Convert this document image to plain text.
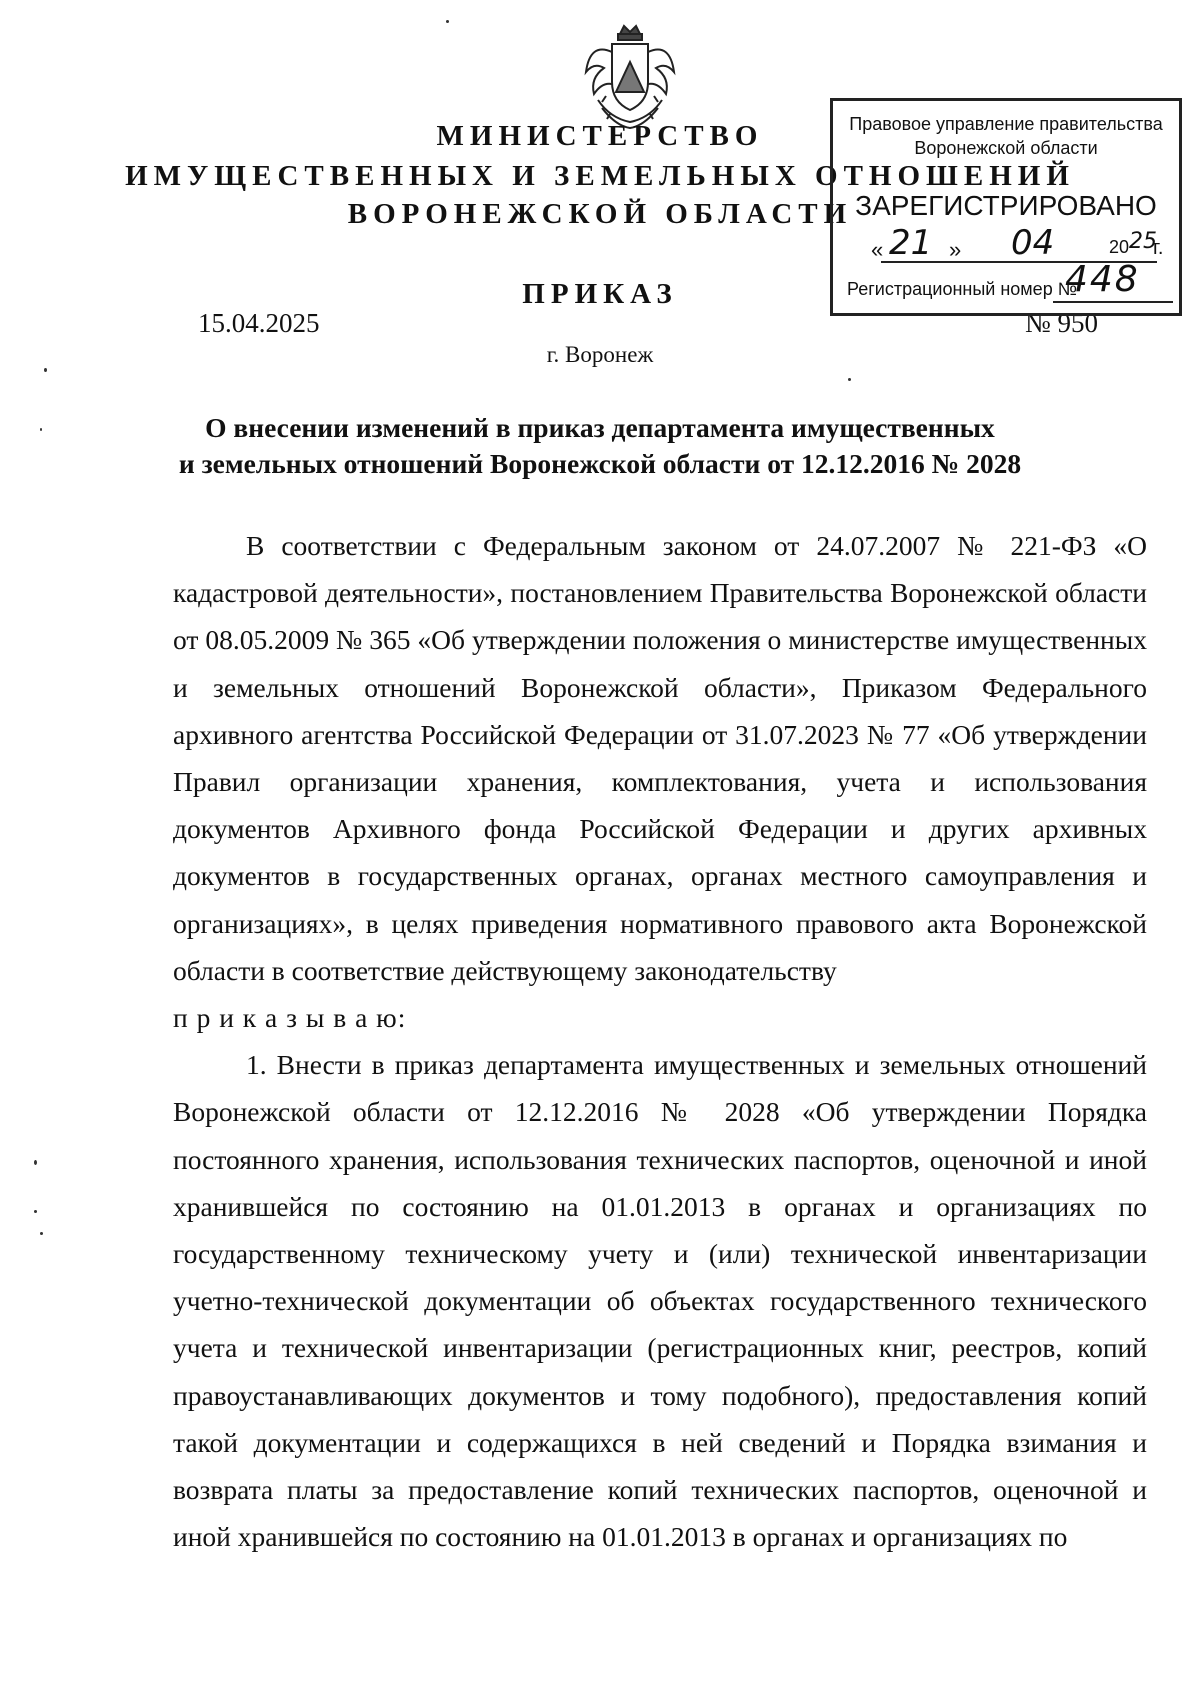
МИНИСТЕРСТВО
ИМУЩЕСТВЕННЫХ И ЗЕМЕЛЬНЫХ ОТНОШЕНИЙ
ВОРОНЕЖСКОЙ ОБЛАСТИ
ПРИКАЗ
15.04.2025	№ 950
г. Воронеж
Правовое управление правительства
Воронежской области
ЗАРЕГИСТРИРОВАНО
« 21 » 04	20 25
г.
Регистрационный номер №
448
О внесении изменений в приказ департамента имущественных
и земельных отношений Воронежской области от 12.12.2016 № 2028

В соответствии с Федеральным законом от 24.07.2007 № 221-ФЗ «О кадастровой деятельности», постановлением Правительства Воронежской области от 08.05.2009 № 365 «Об утверждении положения о министерстве имущественных и земельных отношений Воронежской области», Приказом Федерального архивного агентства Российской Федерации от 31.07.2023 № 77 «Об утверждении Правил организации хранения, комплектования, учета и использования документов Архивного фонда Российской Федерации и других архивных документов в государственных органах, органах местного самоуправления и организациях», в целях приведения нормативного правового акта Воронежской области в соответствие действующему законодательству

п р и к а з ы в а ю:

1. Внести в приказ департамента имущественных и земельных отношений Воронежской области от 12.12.2016 № 2028 «Об утверждении Порядка постоянного хранения, использования технических паспортов, оценочной и иной хранившейся по состоянию на 01.01.2013 в органах и организациях по государственному техническому учету и (или) технической инвентаризации учетно-технической документации об объектах государственного технического учета и технической инвентаризации (регистрационных книг, реестров, копий правоустанавливающих документов и тому подобного), предоставления копий такой документации и содержащихся в ней сведений и Порядка взимания и возврата платы за предоставление копий технических паспортов, оценочной и иной хранившейся по состоянию на 01.01.2013 в органах и организациях по
